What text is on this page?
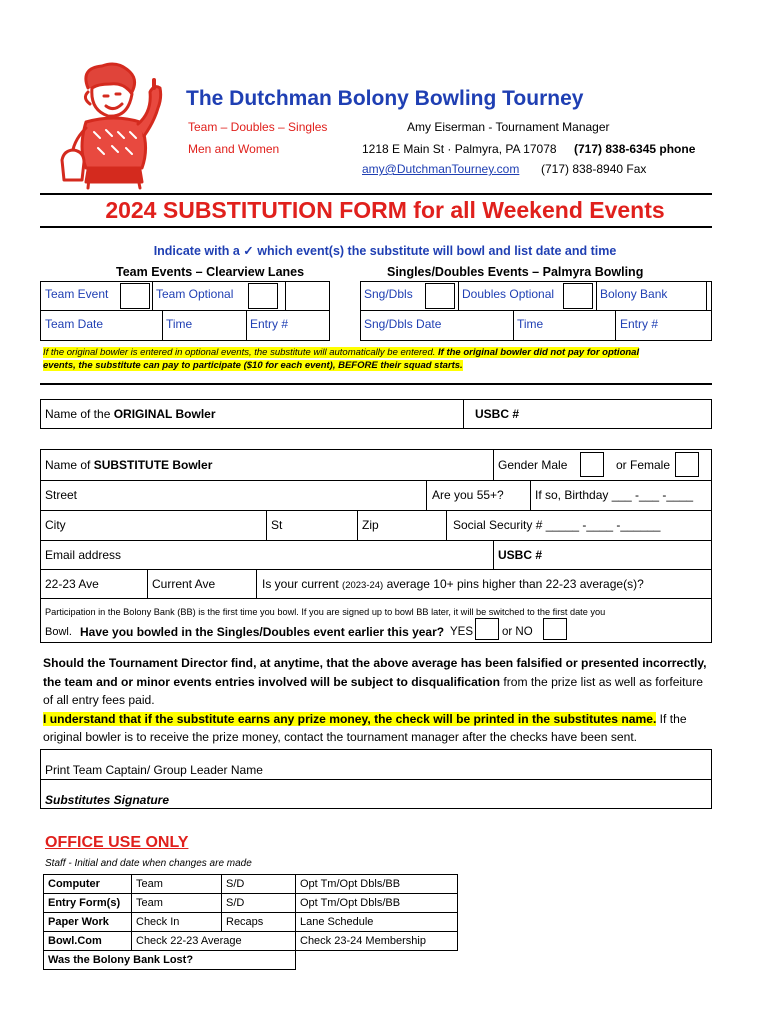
The Dutchman Bolony Bowling Tourney
Team – Doubles – Singles
Men and Women
Amy Eiserman - Tournament Manager
1218 E Main St · Palmyra, PA 17078 (717) 838-6345 phone
amy@DutchmanTourney.com (717) 838-8940 Fax
2024 SUBSTITUTION FORM for all Weekend Events
Indicate with a ✓ which event(s) the substitute will bowl and list date and time
Team Events – Clearview Lanes	Singles/Doubles Events – Palmyra Bowling
Team Event	Team Optional
Team Date	Time	Entry #
Sng/Dbls	Doubles Optional	Bolony Bank
Sng/Dbls Date	Time	Entry #
If the original bowler is entered in optional events, the substitute will automatically be entered. If the original bowler did not pay for optional
events, the substitute can pay to participate ($10 for each event), BEFORE their squad starts.
Name of the ORIGINAL Bowler	USBC #
Name of SUBSTITUTE Bowler	Gender Male	or Female
Street	Are you 55+?	If so, Birthday ___ -___ -____
City	St	Zip	Social Security # _____ -____ -______
Email address	USBC #
22-23 Ave	Current Ave	Is your current (2023-24) average 10+ pins higher than 22-23 average(s)?
Participation in the Bolony Bank (BB) is the first time you bowl. If you are signed up to bowl BB later, it will be switched to the first date you
Bowl. Have you bowled in the Singles/Doubles event earlier this year? YES	or NO
Should the Tournament Director find, at anytime, that the above average has been falsified or presented incorrectly,
the team and or minor events entries involved will be subject to disqualification from the prize list as well as forfeiture
of all entry fees paid.
I understand that if the substitute earns any prize money, the check will be printed in the substitutes name. If the
original bowler is to receive the prize money, contact the tournament manager after the checks have been sent.
Print Team Captain/ Group Leader Name
Substitutes Signature
OFFICE USE ONLY
Staff - Initial and date when changes are made
Computer	Team	S/D	Opt Tm/Opt Dbls/BB
Entry Form(s)	Team	S/D	Opt Tm/Opt Dbls/BB
Paper Work	Check In	Recaps	Lane Schedule
Bowl.Com	Check 22-23 Average		Check 23-24 Membership
Was the Bolony Bank Lost?			
